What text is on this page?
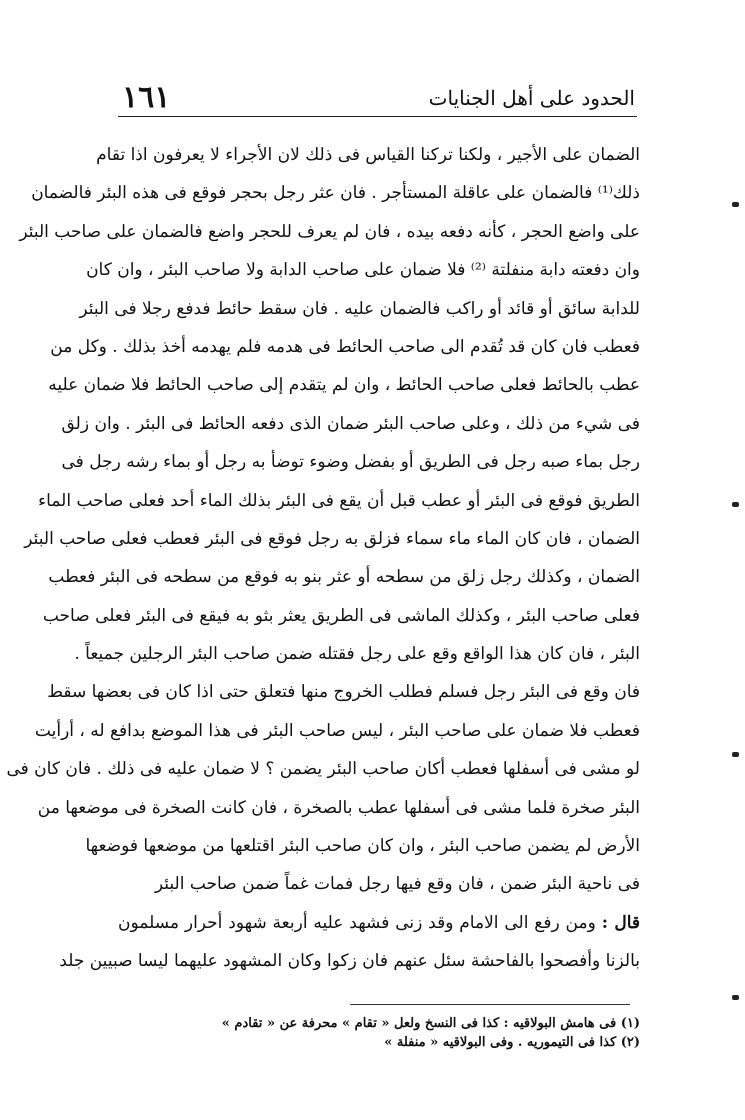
١٦١	الحدود على أهل الجنايات
الضمان على الأجير ، ولكنا تركنا القياس فى ذلك لان الأجراء لا يعرفون اذا تقام
ذلك⁽¹⁾ فالضمان على عاقلة المستأجر . فان عثر رجل بحجر فوقع فى هذه البئر فالضمان
على واضع الحجر ، كأنه دفعه بيده ، فان لم يعرف للحجر واضع فالضمان على صاحب البئر
وان دفعته دابة منفلتة ⁽²⁾ فلا ضمان على صاحب الدابة ولا صاحب البئر ، وان كان
للدابة سائق أو قائد أو راكب فالضمان عليه . فان سقط حائط فدفع رجلا فى البئر
فعطب فان كان قد تُقدم الى صاحب الحائط فى هدمه فلم يهدمه أخذ بذلك . وكل من
عطب بالحائط فعلى صاحب الحائط ، وان لم يتقدم إلى صاحب الحائط فلا ضمان عليه
فى شيء من ذلك ، وعلى صاحب البئر ضمان الذى دفعه الحائط فى البئر . وان زلق
رجل بماء صبه رجل فى الطريق أو بفضل وضوء توضأ به رجل أو بماء رشه رجل فى
الطريق فوقع فى البئر أو عطب قبل أن يقع فى البئر بذلك الماء أحد فعلى صاحب الماء
الضمان ، فان كان الماء ماء سماء فزلق به رجل فوقع فى البئر فعطب فعلى صاحب البئر
الضمان ، وكذلك رجل زلق من سطحه أو عثر بنو به فوقع من سطحه فى البئر فعطب
فعلى صاحب البئر ، وكذلك الماشى فى الطريق يعثر بثو به فيقع فى البئر فعلى صاحب
البئر ، فان كان هذا الواقع وقع على رجل فقتله ضمن صاحب البئر الرجلين جميعاً .
فان وقع فى البئر رجل فسلم فطلب الخروج منها فتعلق حتى اذا كان فى بعضها سقط
فعطب فلا ضمان على صاحب البئر ، ليس صاحب البئر فى هذا الموضع بدافع له ، أرأيت
لو مشى فى أسفلها فعطب أكان صاحب البئر يضمن ؟ لا ضمان عليه فى ذلك . فان كان فى
البئر صخرة فلما مشى فى أسفلها عطب بالصخرة ، فان كانت الصخرة فى موضعها من
الأرض لم يضمن صاحب البئر ، وان كان صاحب البئر اقتلعها من موضعها فوضعها
فى ناحية البئر ضمن ، فان وقع فيها رجل فمات غماً ضمن صاحب البئر
قال : ومن رفع الى الامام وقد زنى فشهد عليه أربعة شهود أحرار مسلمون
بالزنا وأفصحوا بالفاحشة سئل عنهم فان زكوا وكان المشهود عليهما ليسا صبيين جلد
(١) فى هامش البولاقيه : كذا فى النسخ ولعل « تقام » محرفة عن « تقادم »
(٢) كذا فى التيموريه . وفى البولاقيه « منفلة »
